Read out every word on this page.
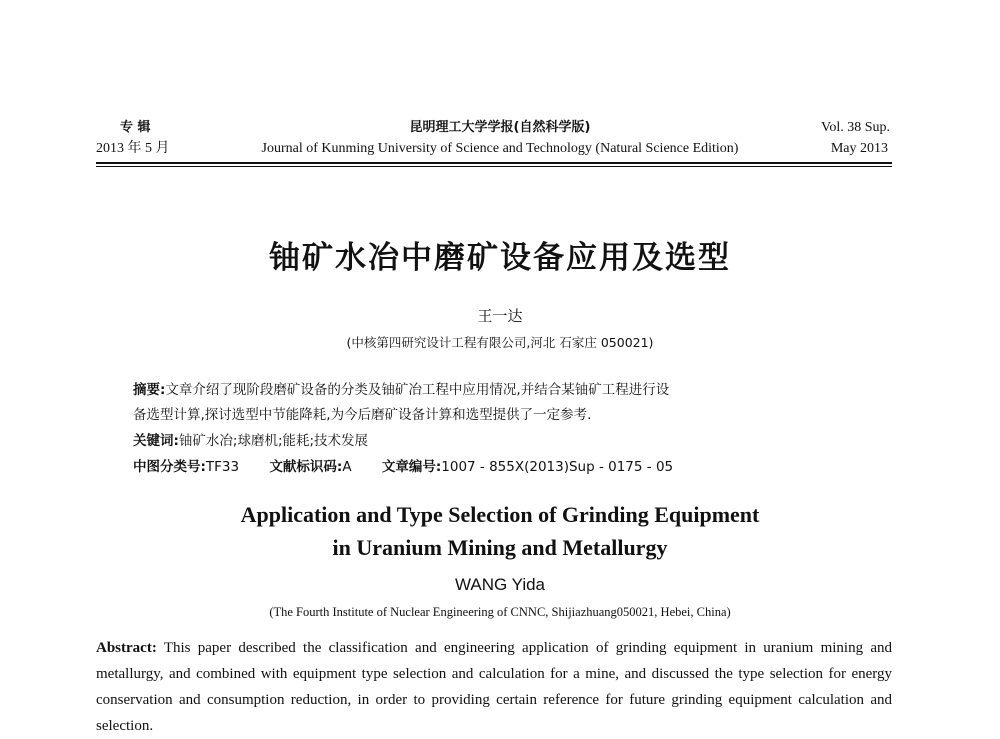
专 辑
2013 年 5 月
昆明理工大学学报(自然科学版)
Journal of Kunming University of Science and Technology (Natural Science Edition)
Vol. 38 Sup.
May 2013
铀矿水冶中磨矿设备应用及选型
王一达
(中核第四研究设计工程有限公司,河北 石家庄 050021)
摘要:文章介绍了现阶段磨矿设备的分类及铀矿冶工程中应用情况,并结合某铀矿工程进行设
备选型计算,探讨选型中节能降耗,为今后磨矿设备计算和选型提供了一定参考.
关键词:铀矿水冶;球磨机;能耗;技术发展
中图分类号:TF33 文献标识码:A 文章编号:1007 - 855X(2013)Sup - 0175 - 05
Application and Type Selection of Grinding Equipment
in Uranium Mining and Metallurgy
WANG Yida
(The Fourth Institute of Nuclear Engineering of CNNC, Shijiazhuang050021, Hebei, China)
Abstract: This paper described the classification and engineering application of grinding equipment in uranium mining and metallurgy, and combined with equipment type selection and calculation for a mine, and discussed the type selection for energy conservation and consumption reduction, in order to providing certain reference for future grinding equipment calculation and selection.
